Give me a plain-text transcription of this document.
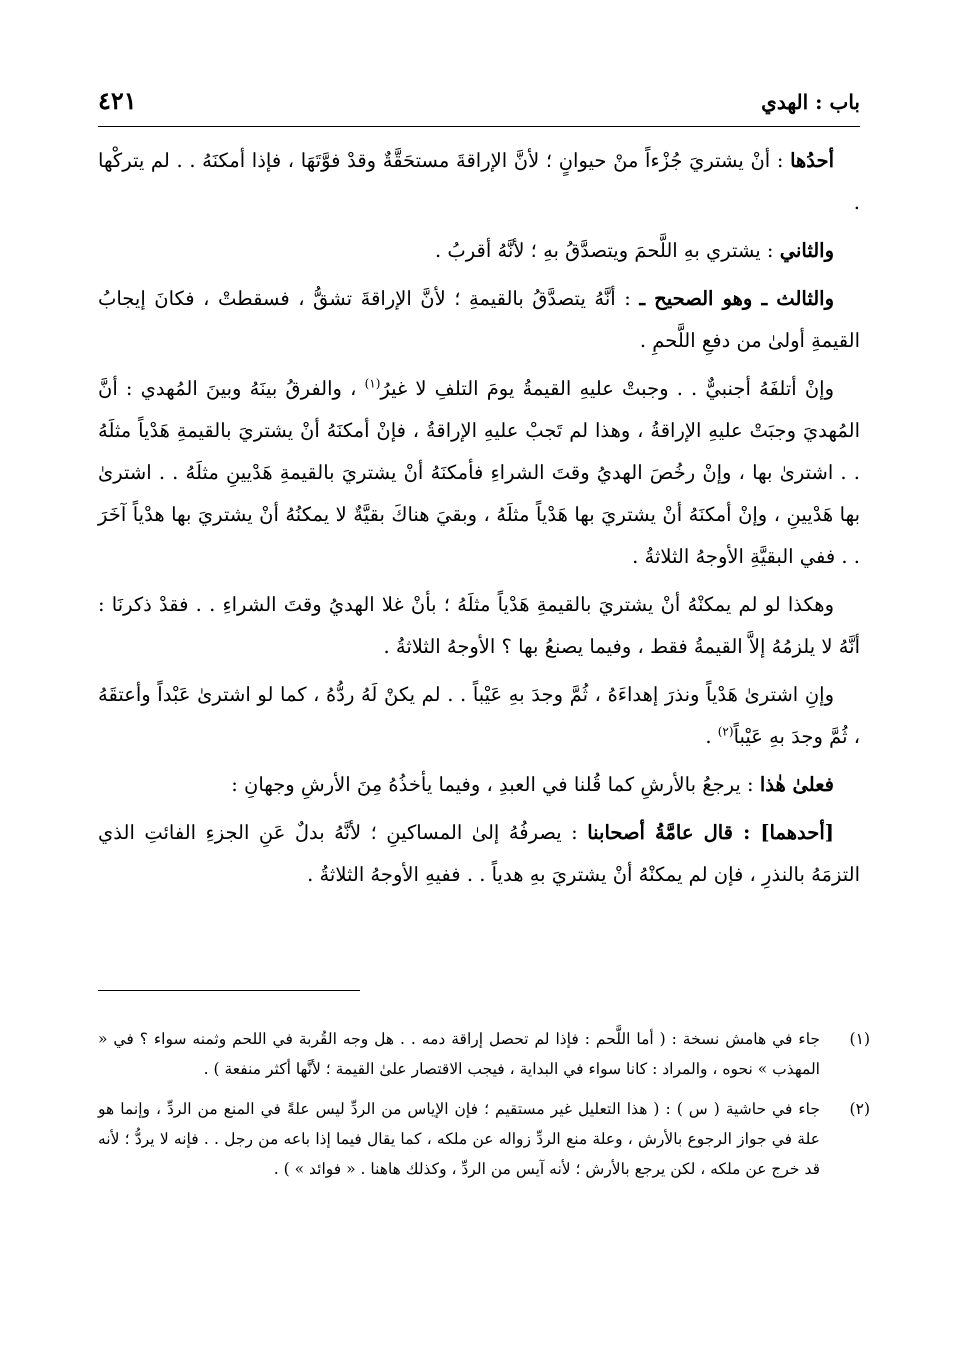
باب : الهدي
٤٢١

أحدُها : أنْ يشتريَ جُزْءاً منْ حيوانٍ ؛ لأنَّ الإراقةَ مستحَقَّةٌ وقدْ فوَّتَهَا ، فإذا أمكنَهُ . . لم يتركْها .

والثاني : يشتري بهِ اللَّحمَ ويتصدَّقُ بهِ ؛ لأنَّهُ أقربُ .

والثالث ـ وهو الصحيح ـ : أنَّهُ يتصدَّقُ بالقيمةِ ؛ لأنَّ الإراقةَ تشقُّ ، فسقطتْ ، فكانَ إيجابُ القيمةِ أولىٰ من دفعِ اللَّحمِ .

وإنْ أتلفَهُ أجنبيٌّ . . وجبتْ عليهِ القيمةُ يومَ التلفِ لا غيرُ$^{(١)}$ ، والفرقُ بينَهُ وبينَ المُهدي : أنَّ المُهديَ وجبَتْ عليهِ الإراقةُ ، وهذا لم تَجبْ عليهِ الإراقةُ ، فإنْ أمكنَهُ أنْ يشتريَ بالقيمةِ هَدْياً مثلَهُ . . اشترىٰ بها ، وإنْ رخُصَ الهديُ وقتَ الشراءِ فأمكنَهُ أنْ يشتريَ بالقيمةِ هَدْيينِ مثلَهُ . . اشترىٰ بها هَدْيينِ ، وإنْ أمكنَهُ أنْ يشتريَ بها هَدْياً مثلَهُ ، وبقيَ هناكَ بقيَّةٌ لا يمكنُهُ أنْ يشتريَ بها هدْياً آخَرَ . . ففي البقيَّةِ الأوجهُ الثلاثةُ .

وهكذا لو لم يمكنْهُ أنْ يشتريَ بالقيمةِ هَدْياً مثلَهُ ؛ بأنْ غلا الهديُ وقتَ الشراءِ . . فقدْ ذكرنَا : أنَّهُ لا يلزمُهُ إلاَّ القيمةُ فقط ، وفيما يصنعُ بها ؟ الأوجهُ الثلاثةُ .

وإنِ اشترىٰ هَدْياً ونذرَ إهداءَهُ ، ثُمَّ وجدَ بهِ عَيْباً . . لم يكنْ لَهُ ردُّهُ ، كما لو اشترىٰ عَبْداً وأعتقَهُ ، ثُمَّ وجدَ بهِ عَيْباً$^{(٢)}$ .

فعلىٰ هٰذا : يرجعُ بالأرشِ كما قُلنا في العبدِ ، وفيما يأخذُهُ مِنَ الأرشِ وجهانِ :

[أحدهما] : قال عامَّةُ أصحابنا : يصرفُهُ إلىٰ المساكينِ ؛ لأنَّهُ بدلٌ عَنِ الجزءِ الفائتِ الذي التزمَهُ بالنذرِ ، فإن لم يمكنْهُ أنْ يشتريَ بهِ هدياً . . ففيهِ الأوجهُ الثلاثةُ .

(١)
جاء في هامش نسخة : ( أما اللَّحم : فإذا لم تحصل إراقة دمه . . هل وجه القُربة في اللحم وثمنه سواء ؟ في « المهذب » نحوه ، والمراد : كانا سواء في البداية ، فيجب الاقتصار علىٰ القيمة ؛ لأنَّها أكثر منفعة ) .
(٢)
جاء في حاشية ( س ) : ( هذا التعليل غير مستقيم ؛ فإن الإياس من الردِّ ليس علةً في المنع من الردِّ ، وإنما هو علة في جواز الرجوع بالأرش ، وعلة منع الردِّ زواله عن ملكه ، كما يقال فيما إذا باعه من رجل . . فإنه لا يردُّ ؛ لأنه قد خرج عن ملكه ، لكن يرجع بالأرش ؛ لأنه آيس من الردِّ ، وكذلك هاهنا . « فوائد » ) .
